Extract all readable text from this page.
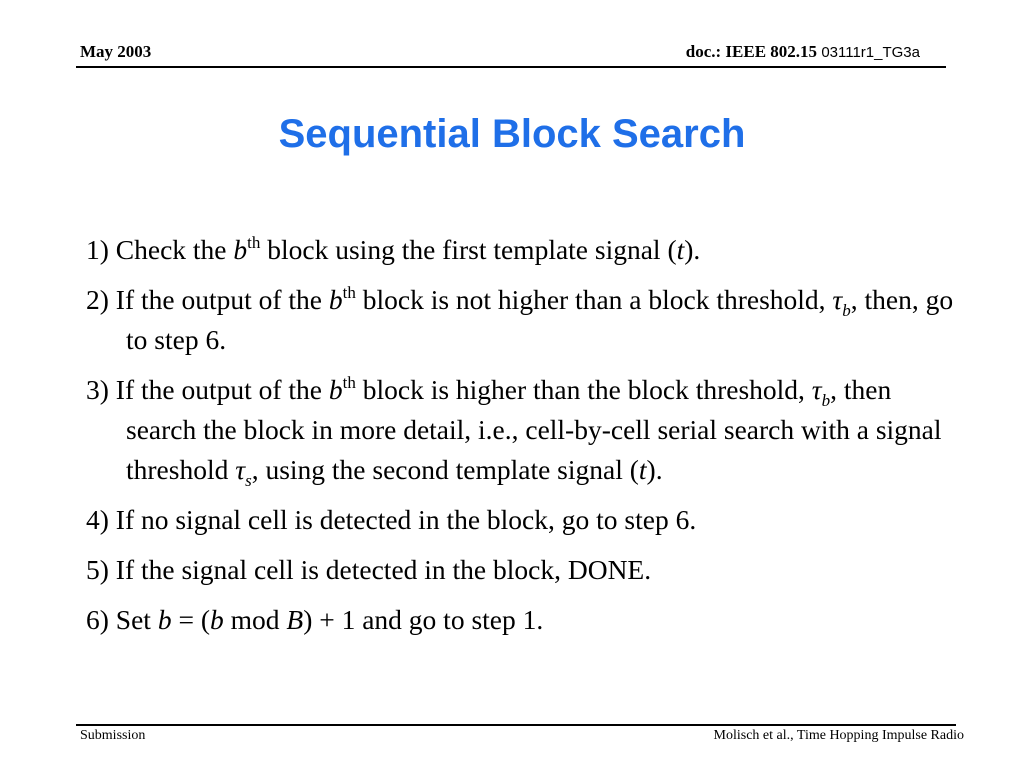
May 2003	doc.: IEEE 802.15 03111r1_TG3a
Sequential Block Search
1) Check the $b^{th}$ block using the first template signal (t).
2) If the output of the $b^{th}$ block is not higher than a block threshold, $\tau_b$, then, go to step 6.
3) If the output of the $b^{th}$ block is higher than the block threshold, $\tau_b$, then search the block in more detail, i.e., cell-by-cell serial search with a signal threshold $\tau_s$, using the second template signal (t).
4) If no signal cell is detected in the block, go to step 6.
5) If the signal cell is detected in the block, DONE.
6) Set b = (b mod B) + 1 and go to step 1.
Submission	Molisch et al., Time Hopping Impulse Radio
